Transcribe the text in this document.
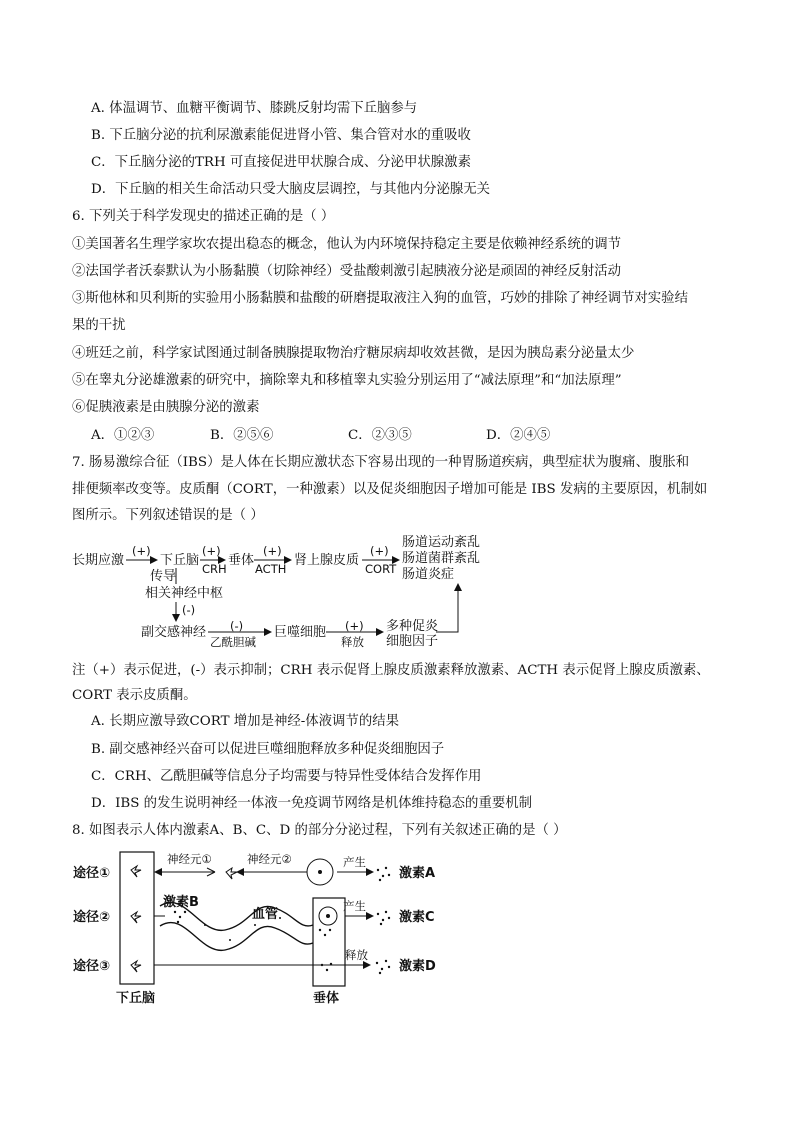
A. 体温调节、血糖平衡调节、膝跳反射均需下丘脑参与
B. 下丘脑分泌的抗利尿激素能促进肾小管、集合管对水的重吸收
C．下丘脑分泌的TRH 可直接促进甲状腺合成、分泌甲状腺激素
D．下丘脑的相关生命活动只受大脑皮层调控，与其他内分泌腺无关
6. 下列关于科学发现史的描述正确的是（ ）
①美国著名生理学家坎农提出稳态的概念，他认为内环境保持稳定主要是依赖神经系统的调节
②法国学者沃泰默认为小肠黏膜（切除神经）受盐酸刺激引起胰液分泌是顽固的神经反射活动
③斯他林和贝利斯的实验用小肠黏膜和盐酸的研磨提取液注入狗的血管，巧妙的排除了神经调节对实验结
果的干扰
④班廷之前，科学家试图通过制备胰腺提取物治疗糖尿病却收效甚微，是因为胰岛素分泌量太少
⑤在睾丸分泌雄激素的研究中，摘除睾丸和移植睾丸实验分别运用了“减法原理”和“加法原理”
⑥促胰液素是由胰腺分泌的激素
A．①②③	B．②⑤⑥	C．②③⑤	D．②④⑤
7. 肠易激综合征（IBS）是人体在长期应激状态下容易出现的一种胃肠道疾病，典型症状为腹痛、腹胀和
排便频率改变等。皮质酮（CORT，一种激素）以及促炎细胞因子增加可能是 IBS 发病的主要原因，机制如
图所示。下列叙述错误的是（ ）
长期应激	下丘脑 垂体	肾上腺皮质
肠道运动紊乱
肠道菌群紊乱
肠道炎症
传导
相关神经中枢
副交感神经	巨噬细胞	多种促炎
细胞因子
(+)	(+)	(+)	(+)
CRH ACTH	CORT
(-)
(-)
乙酰胆碱
(+)
释放
注（+）表示促进，(-）表示抑制；CRH 表示促肾上腺皮质激素释放激素、ACTH 表示促肾上腺皮质激素、
CORT 表示皮质酮。
A. 长期应激导致CORT 增加是神经-体液调节的结果
B. 副交感神经兴奋可以促进巨噬细胞释放多种促炎细胞因子
C．CRH、乙酰胆碱等信息分子均需要与特异性受体结合发挥作用
D．IBS 的发生说明神经一体液一免疫调节网络是机体维持稳态的重要机制
8. 如图表示人体内激素A、B、C、D 的部分分泌过程，下列有关叙述正确的是（ ）
途径①
途径②
途径③
激素A
激素B
激素C
激素D
血管
下丘脑	垂体
神经元①	神经元②	产生
产生
释放
